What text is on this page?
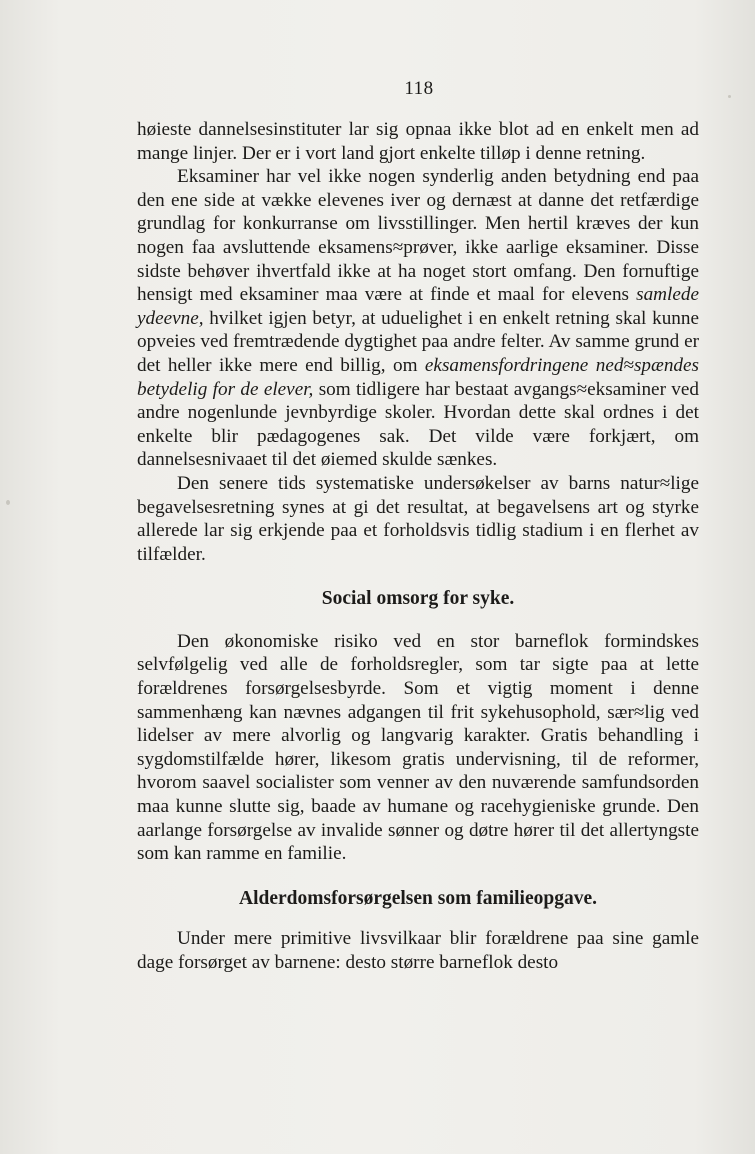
118

høieste dannelsesinstituter lar sig opnaa ikke blot ad en enkelt men ad mange linjer. Der er i vort land gjort enkelte tilløp i denne retning.

Eksaminer har vel ikke nogen synderlig anden betydning end paa den ene side at vække elevenes iver og dernæst at danne det retfærdige grundlag for konkurranse om livsstillinger. Men hertil kræves der kun nogen faa avsluttende eksamens≈prøver, ikke aarlige eksaminer. Disse sidste behøver ihvertfald ikke at ha noget stort omfang. Den fornuftige hensigt med eksaminer maa være at finde et maal for elevens samlede ydeevne, hvilket igjen betyr, at uduelighet i en enkelt retning skal kunne opveies ved fremtrædende dygtighet paa andre felter. Av samme grund er det heller ikke mere end billig, om eksamensfordringene ned≈spændes betydelig for de elever, som tidligere har bestaat avgangs≈eksaminer ved andre nogenlunde jevnbyrdige skoler. Hvordan dette skal ordnes i det enkelte blir pædagogenes sak. Det vilde være forkjært, om dannelsesnivaaet til det øiemed skulde sænkes.

Den senere tids systematiske undersøkelser av barns natur≈lige begavelsesretning synes at gi det resultat, at begavelsens art og styrke allerede lar sig erkjende paa et forholdsvis tidlig stadium i en flerhet av tilfælder.

Social omsorg for syke.

Den økonomiske risiko ved en stor barneflok formindskes selvfølgelig ved alle de forholdsregler, som tar sigte paa at lette forældrenes forsørgelsesbyrde. Som et vigtig moment i denne sammenhæng kan nævnes adgangen til frit sykehusophold, sær≈lig ved lidelser av mere alvorlig og langvarig karakter. Gratis behandling i sygdomstilfælde hører, likesom gratis undervisning, til de reformer, hvorom saavel socialister som venner av den nuværende samfundsorden maa kunne slutte sig, baade av humane og racehygieniske grunde. Den aarlange forsørgelse av invalide sønner og døtre hører til det allertyngste som kan ramme en familie.

Alderdomsforsørgelsen som familieopgave.

Under mere primitive livsvilkaar blir forældrene paa sine gamle dage forsørget av barnene: desto større barneflok desto
